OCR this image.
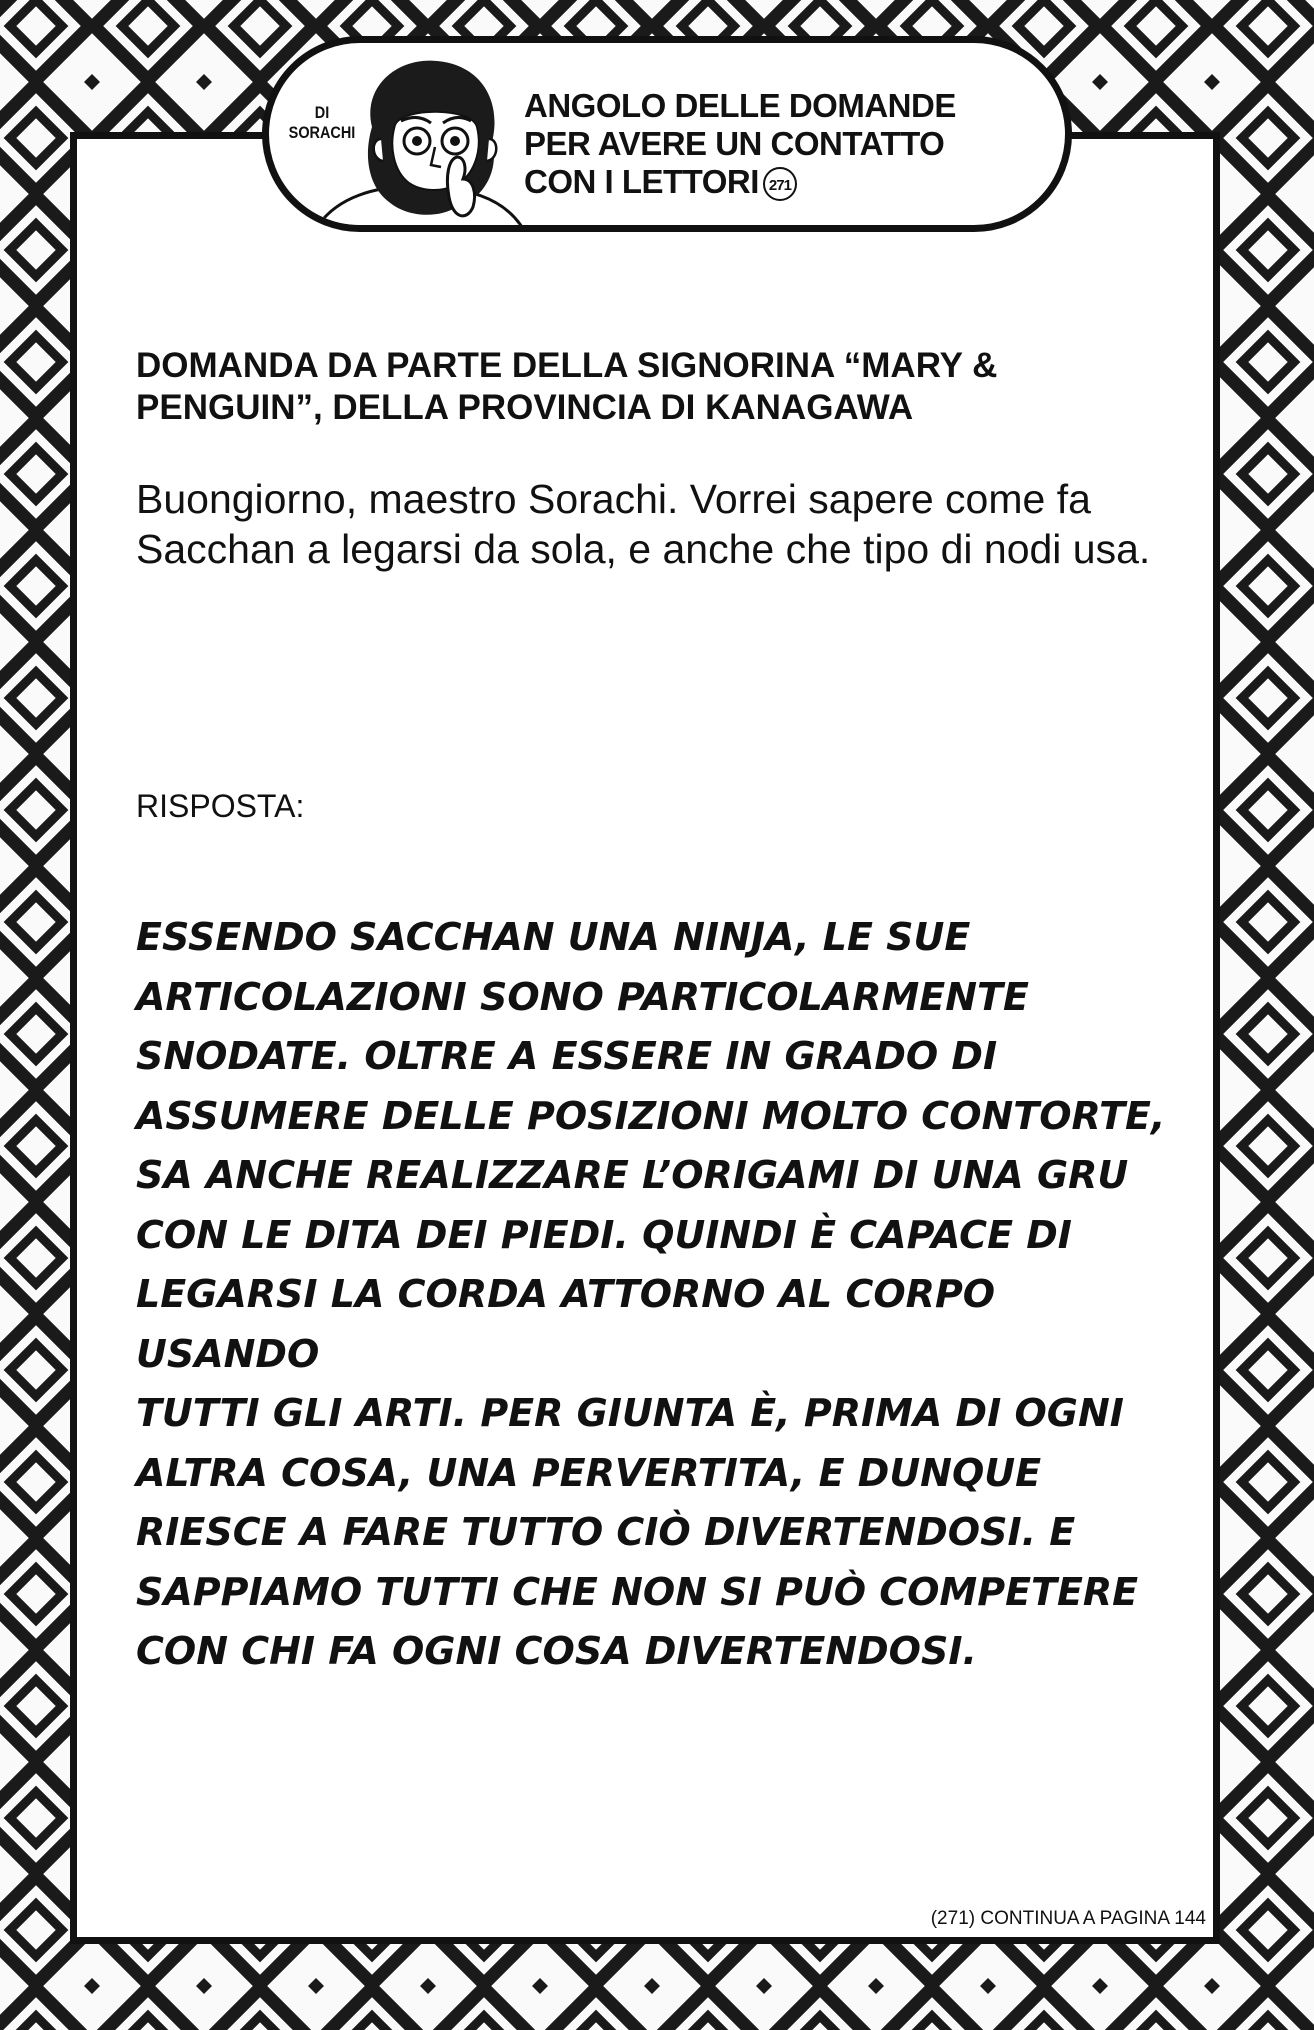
DI
SORACHI
ANGOLO DELLE DOMANDE
PER AVERE UN CONTATTO
CON I LETTORI 271
DOMANDA DA PARTE DELLA SIGNORINA “MARY & PENGUIN”, DELLA PROVINCIA DI KANAGAWA
Buongiorno, maestro Sorachi. Vorrei sapere come fa Sacchan a legarsi da sola, e anche che tipo di nodi usa.
RISPOSTA:
ESSENDO SACCHAN UNA NINJA, LE SUE
ARTICOLAZIONI SONO PARTICOLARMENTE
SNODATE. OLTRE A ESSERE IN GRADO DI
ASSUMERE DELLE POSIZIONI MOLTO CONTORTE,
SA ANCHE REALIZZARE L’ORIGAMI DI UNA GRU
CON LE DITA DEI PIEDI. QUINDI È CAPACE DI
LEGARSI LA CORDA ATTORNO AL CORPO USANDO
TUTTI GLI ARTI. PER GIUNTA È, PRIMA DI OGNI
ALTRA COSA, UNA PERVERTITA, E DUNQUE
RIESCE A FARE TUTTO CIÒ DIVERTENDOSI. E
SAPPIAMO TUTTI CHE NON SI PUÒ COMPETERE
CON CHI FA OGNI COSA DIVERTENDOSI.
(271) CONTINUA A PAGINA 144
